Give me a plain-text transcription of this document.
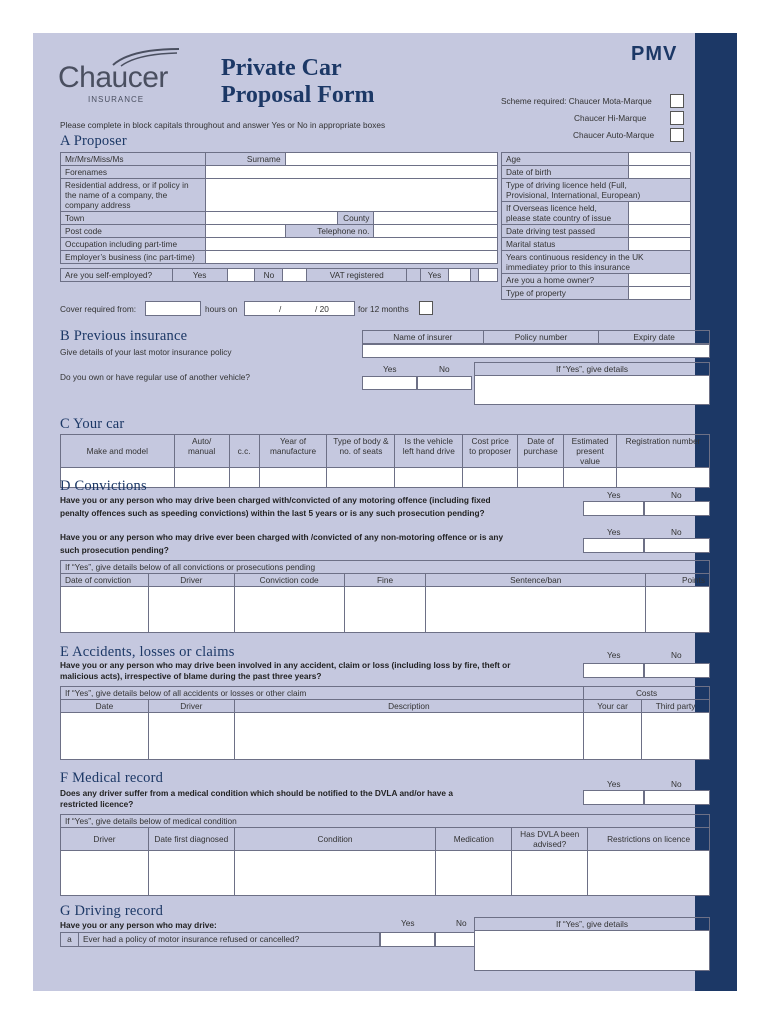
PMV
Chaucer
INSURANCE
Private Car
Proposal Form	Scheme required: Chaucer Mota-Marque
Chaucer Hi-Marque
Chaucer Auto-Marque
Please complete in block capitals throughout and answer Yes or No in appropriate boxes
A Proposer
Mr/Mrs/Miss/Ms	Surname			
Forenames				

Residential address, or if policy in
the name of a company, the
company address				

Town			County	
Post code		Telephone no.		
Occupation including part-time				
Employer’s business (inc part-time)				
Are you self-employed?	Yes		No		VAT registered		Yes		
Age	
Date of birth	

Type of driving licence held (Full,
Provisional, International, European)	

If Overseas licence held,
please state country of issue	

Date driving test passed	
Marital status	

Years continuous residency in the UK
immediatey prior to this insurance	

Are you a home owner?	
Type of property	
Cover required from:	hours on	/	/ 20	for 12 months
B Previous insurance	Name of insurer	Policy number	Expiry date
Give details of your last motor insurance policy
Yes	No
Do you own or have regular use of another vehicle?
If “Yes”, give details

C Your car
Make and model	Auto/ manual	c.c.	Year of manufacture	Type of body & no. of seats	Is the vehicle left hand drive	Cost price to proposer	Date of purchase	Estimated present value	Registration number

D Convictions
Have you or any person who may drive been charged with/convicted of any motoring offence (including fixed
penalty offences such as speeding convictions) within the last 5 years or is any such prosecution pending?
Yes	No
Have you or any person who may drive ever been charged with /convicted of any non-motoring offence or is any
such prosecution pending?
Yes	No
If “Yes”, give details below of all convictions or prosecutions pending					
Date of conviction	Driver	Conviction code	Fine	Sentence/ban	Points

E Accidents, losses or claims
Have you or any person who may drive been involved in any accident, claim or loss (including loss by fire, theft or
malicious acts), irrespective of blame during the past three years?
Yes	No
If “Yes”, give details below of all accidents or losses or other claim			Costs	
Date	Driver	Description	Your car	Third party

F Medical record
Does any driver suffer from a medical condition which should be notified to the DVLA and/or have a
restricted licence?
Yes	No
If “Yes”, give details below of medical condition					
Driver	Date first diagnosed	Condition	Medication	Has DVLA been advised?	Restrictions on licence

G Driving record
Have you or any person who may drive:	Yes	No
a	Ever had a policy of motor insurance refused or cancelled?
If “Yes”, give details
